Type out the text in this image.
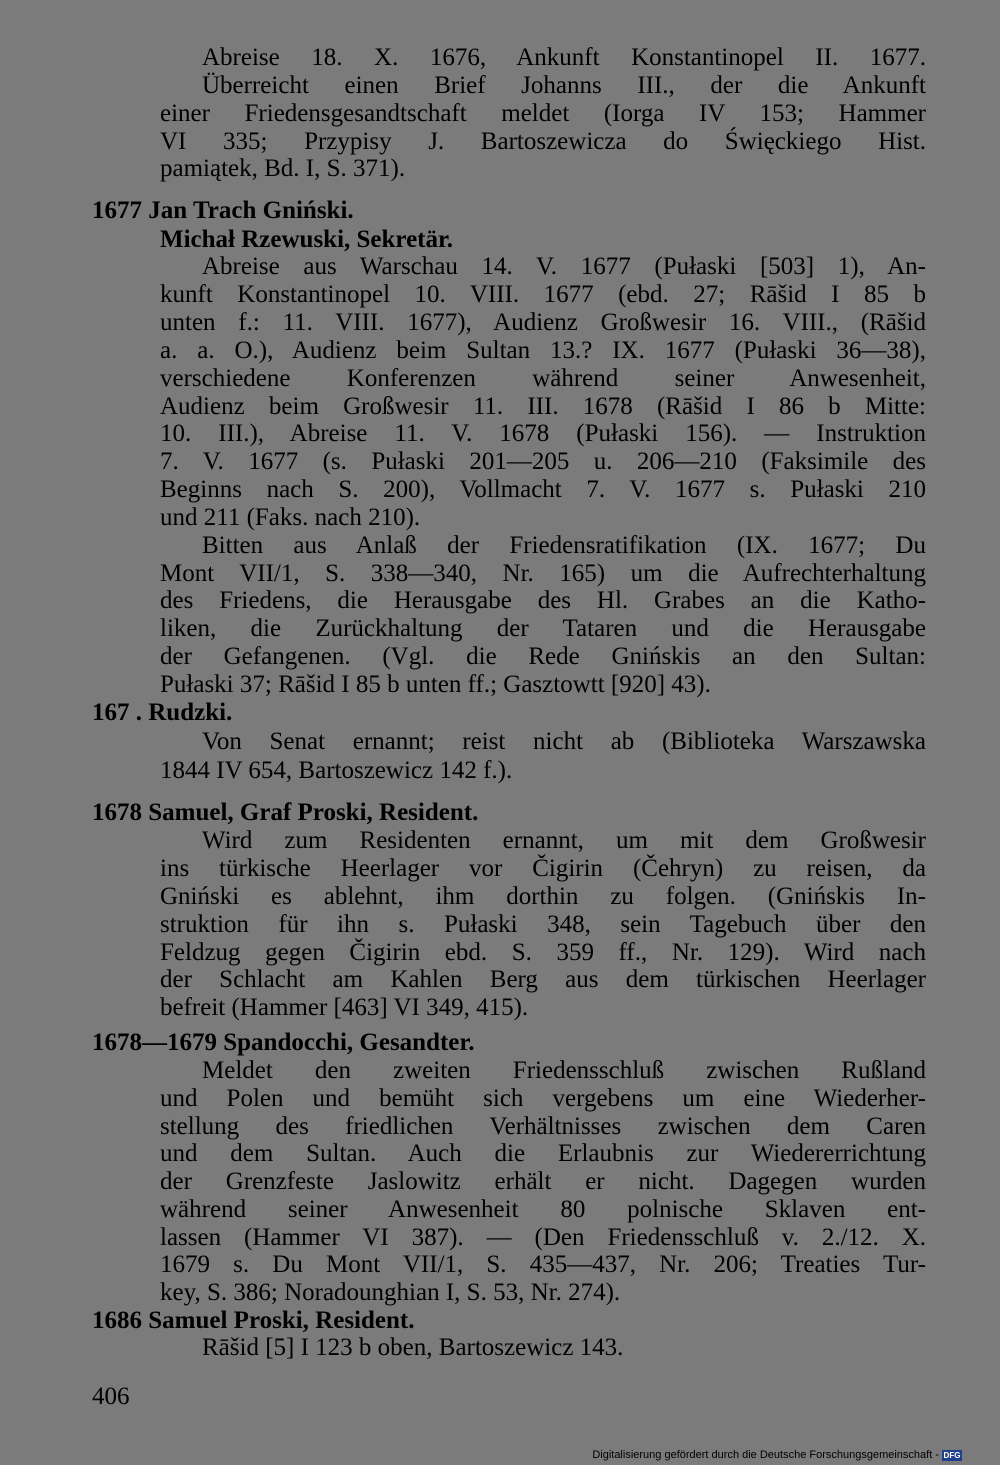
Abreise 18. X. 1676, Ankunft Konstantinopel II. 1677.
Überreicht einen Brief Johanns III., der die Ankunft
einer Friedensgesandtschaft meldet (Iorga IV 153; Hammer
VI 335; Przypisy J. Bartoszewicza do Święckiego Hist.
pamiątek, Bd. I, S. 371).
1677 Jan Trach Gniński.
Michał Rzewuski, Sekretär.
Abreise aus Warschau 14. V. 1677 (Pułaski [503] 1), An-
kunft Konstantinopel 10. VIII. 1677 (ebd. 27; Rāšid I 85 b
unten f.: 11. VIII. 1677), Audienz Großwesir 16. VIII., (Rāšid
a. a. O.), Audienz beim Sultan 13.? IX. 1677 (Pułaski 36—38),
verschiedene Konferenzen während seiner Anwesenheit,
Audienz beim Großwesir 11. III. 1678 (Rāšid I 86 b Mitte:
10. III.), Abreise 11. V. 1678 (Pułaski 156). — Instruktion
7. V. 1677 (s. Pułaski 201—205 u. 206—210 (Faksimile des
Beginns nach S. 200), Vollmacht 7. V. 1677 s. Pułaski 210
und 211 (Faks. nach 210).
Bitten aus Anlaß der Friedensratifikation (IX. 1677; Du
Mont VII/1, S. 338—340, Nr. 165) um die Aufrechterhaltung
des Friedens, die Herausgabe des Hl. Grabes an die Katho-
liken, die Zurückhaltung der Tataren und die Herausgabe
der Gefangenen. (Vgl. die Rede Gnińskis an den Sultan:
Pułaski 37; Rāšid I 85 b unten ff.; Gasztowtt [920] 43).
167 . Rudzki.
Von Senat ernannt; reist nicht ab (Biblioteka Warszawska
1844 IV 654, Bartoszewicz 142 f.).
1678 Samuel, Graf Proski, Resident.
Wird zum Residenten ernannt, um mit dem Großwesir
ins türkische Heerlager vor Čigirin (Čehryn) zu reisen, da
Gniński es ablehnt, ihm dorthin zu folgen. (Gnińskis In-
struktion für ihn s. Pułaski 348, sein Tagebuch über den
Feldzug gegen Čigirin ebd. S. 359 ff., Nr. 129). Wird nach
der Schlacht am Kahlen Berg aus dem türkischen Heerlager
befreit (Hammer [463] VI 349, 415).
1678—1679 Spandocchi, Gesandter.
Meldet den zweiten Friedensschluß zwischen Rußland
und Polen und bemüht sich vergebens um eine Wiederher-
stellung des friedlichen Verhältnisses zwischen dem Caren
und dem Sultan. Auch die Erlaubnis zur Wiedererrichtung
der Grenzfeste Jaslowitz erhält er nicht. Dagegen wurden
während seiner Anwesenheit 80 polnische Sklaven ent-
lassen (Hammer VI 387). — (Den Friedensschluß v. 2./12. X.
1679 s. Du Mont VII/1, S. 435—437, Nr. 206; Treaties Tur-
key, S. 386; Noradounghian I, S. 53, Nr. 274).
1686 Samuel Proski, Resident.
Rāšid [5] I 123 b oben, Bartoszewicz 143.
406
Digitalisierung gefördert durch die Deutsche Forschungsgemeinschaft - DFG
